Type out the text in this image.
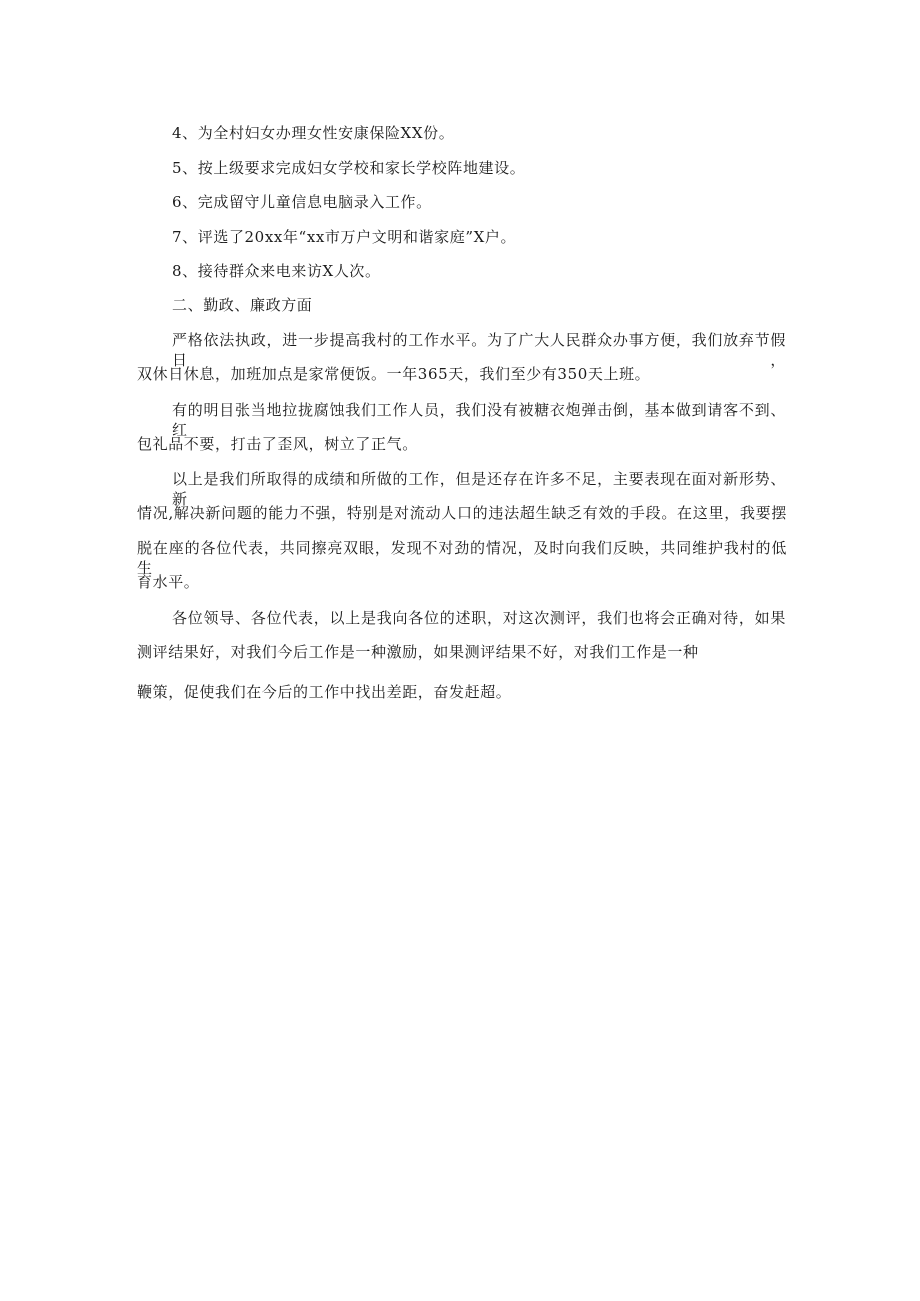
4、为全村妇女办理女性安康保险XX份。
5、按上级要求完成妇女学校和家长学校阵地建设。
6、完成留守儿童信息电脑录入工作。
7、评选了20xx年“xx市万户文明和谐家庭”X户。
8、接待群众来电来访X人次。
二、勤政、廉政方面
严格依法执政，进一步提高我村的工作水平。为了广大人民群众办事方便，我们放弃节假日，
双休日休息，加班加点是家常便饭。一年365天，我们至少有350天上班。
有的明目张当地拉拢腐蚀我们工作人员，我们没有被糖衣炮弹击倒，基本做到请客不到、红
包礼品不要，打击了歪风，树立了正气。
以上是我们所取得的成绩和所做的工作，但是还存在许多不足，主要表现在面对新形势、新
情况,解决新问题的能力不强，特别是对流动人口的违法超生缺乏有效的手段。在这里，我要摆
脱在座的各位代表，共同擦亮双眼，发现不对劲的情况，及时向我们反映，共同维护我村的低生
育水平。
各位领导、各位代表，以上是我向各位的述职，对这次测评，我们也将会正确对待，如果
测评结果好，对我们今后工作是一种激励，如果测评结果不好，对我们工作是一种
鞭策，促使我们在今后的工作中找出差距，奋发赶超。
